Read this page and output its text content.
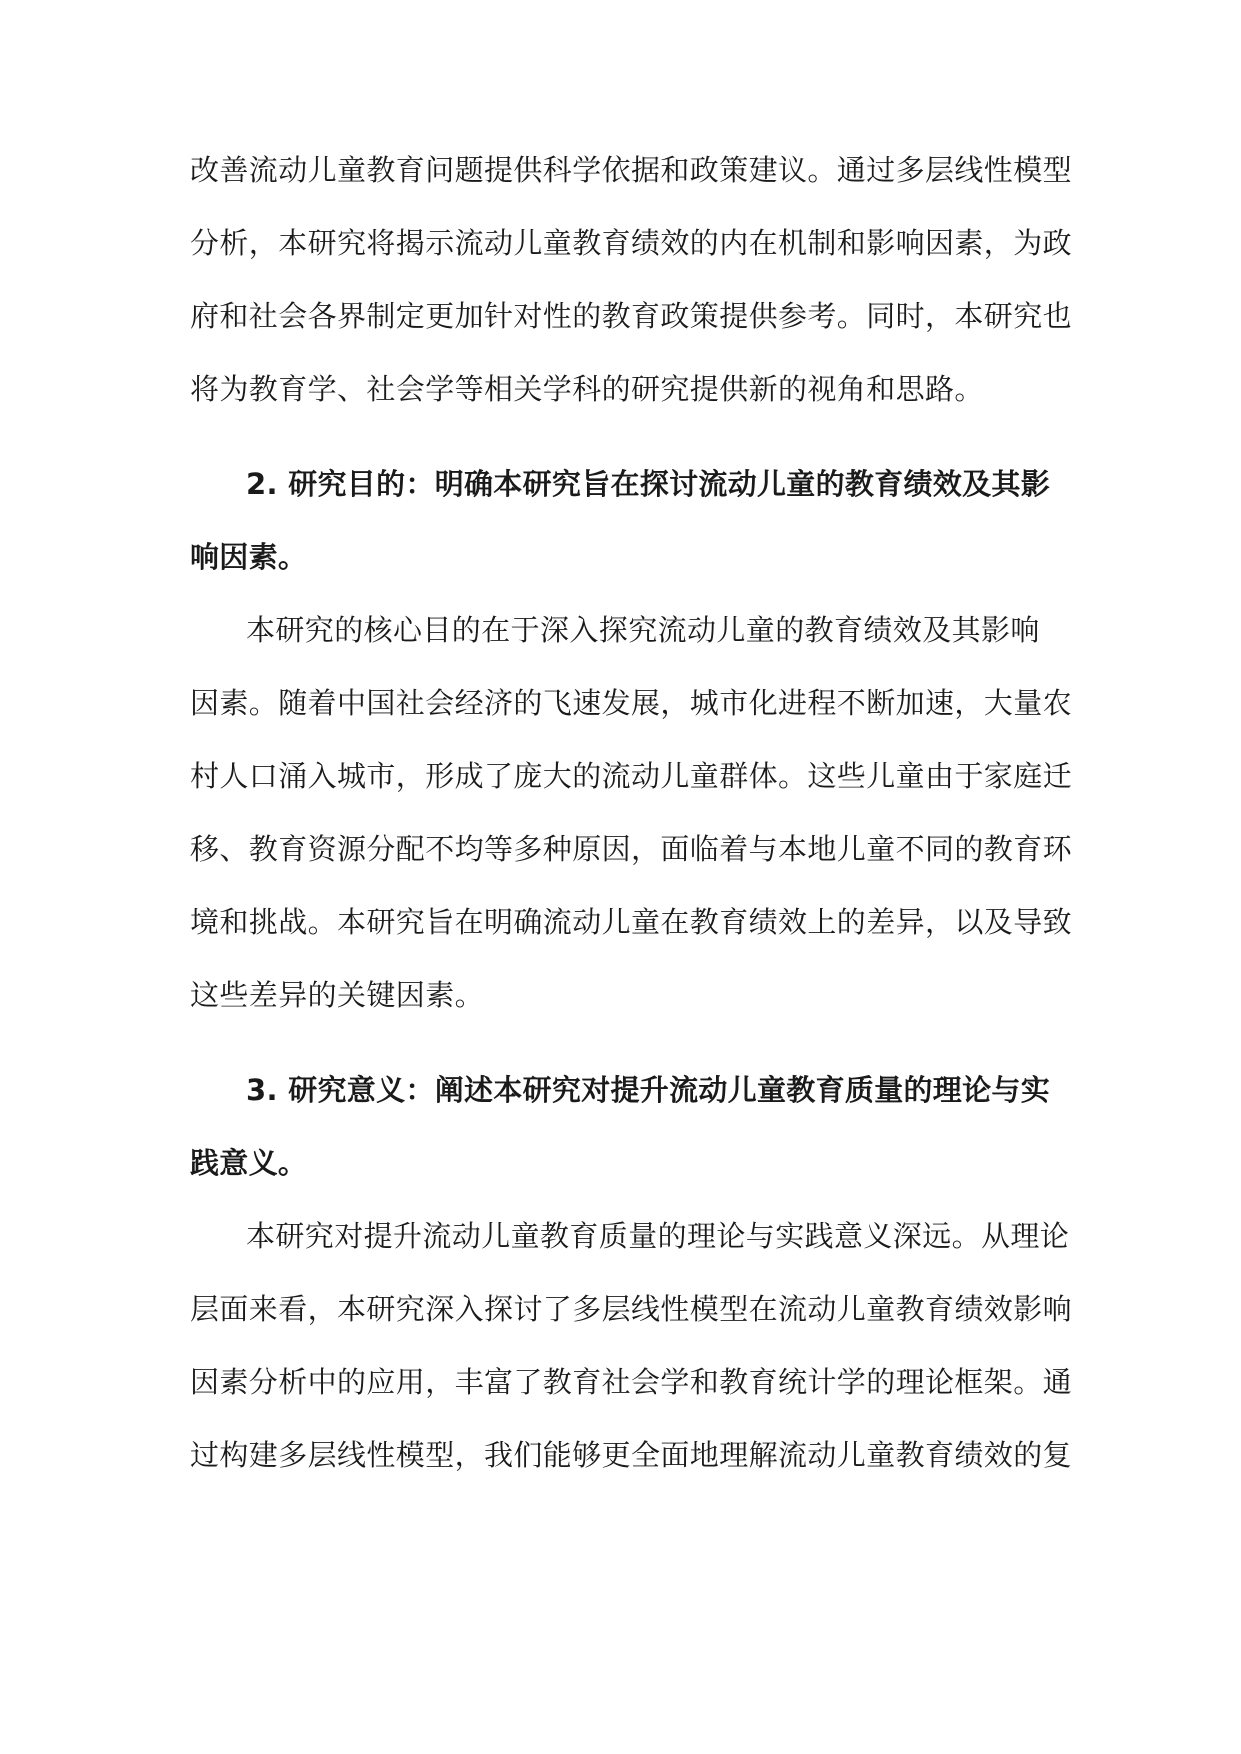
改善流动儿童教育问题提供科学依据和政策建议。通过多层线性模型

分析，本研究将揭示流动儿童教育绩效的内在机制和影响因素，为政

府和社会各界制定更加针对性的教育政策提供参考。同时，本研究也

将为教育学、社会学等相关学科的研究提供新的视角和思路。

2. 研究目的：明确本研究旨在探讨流动儿童的教育绩效及其影

响因素。

本研究的核心目的在于深入探究流动儿童的教育绩效及其影响

因素。随着中国社会经济的飞速发展，城市化进程不断加速，大量农

村人口涌入城市，形成了庞大的流动儿童群体。这些儿童由于家庭迁

移、教育资源分配不均等多种原因，面临着与本地儿童不同的教育环

境和挑战。本研究旨在明确流动儿童在教育绩效上的差异，以及导致

这些差异的关键因素。

3. 研究意义：阐述本研究对提升流动儿童教育质量的理论与实

践意义。

本研究对提升流动儿童教育质量的理论与实践意义深远。从理论

层面来看，本研究深入探讨了多层线性模型在流动儿童教育绩效影响

因素分析中的应用，丰富了教育社会学和教育统计学的理论框架。通

过构建多层线性模型，我们能够更全面地理解流动儿童教育绩效的复
